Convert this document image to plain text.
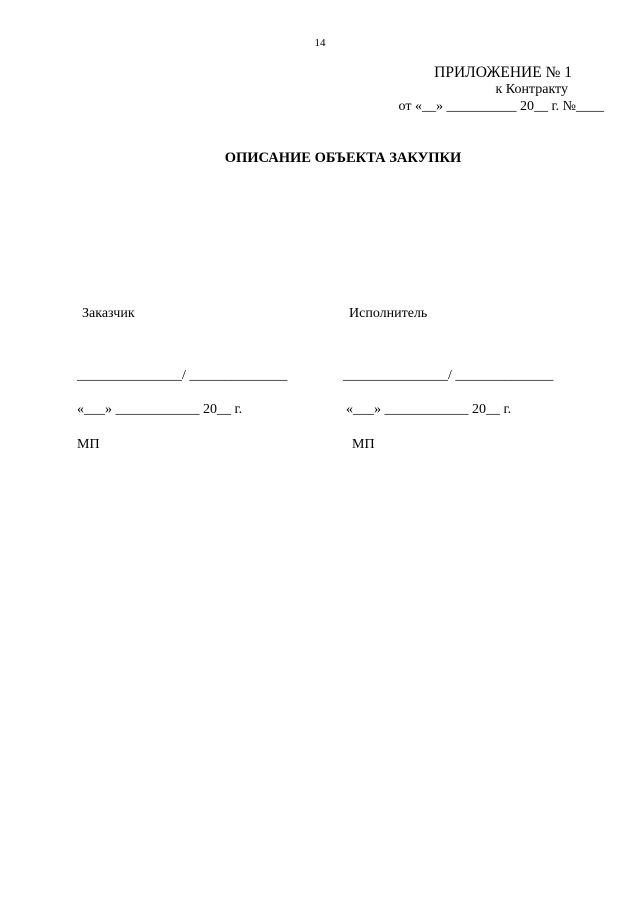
14
ПРИЛОЖЕНИЕ № 1
к Контракту
от «__» __________ 20__ г. №____
ОПИСАНИЕ ОБЪЕКТА ЗАКУПКИ
Заказчик	Исполнитель
_______________/ ______________	_______________/ ______________
«___» ____________ 20__ г.	«___» ____________ 20__ г.
МП	МП
